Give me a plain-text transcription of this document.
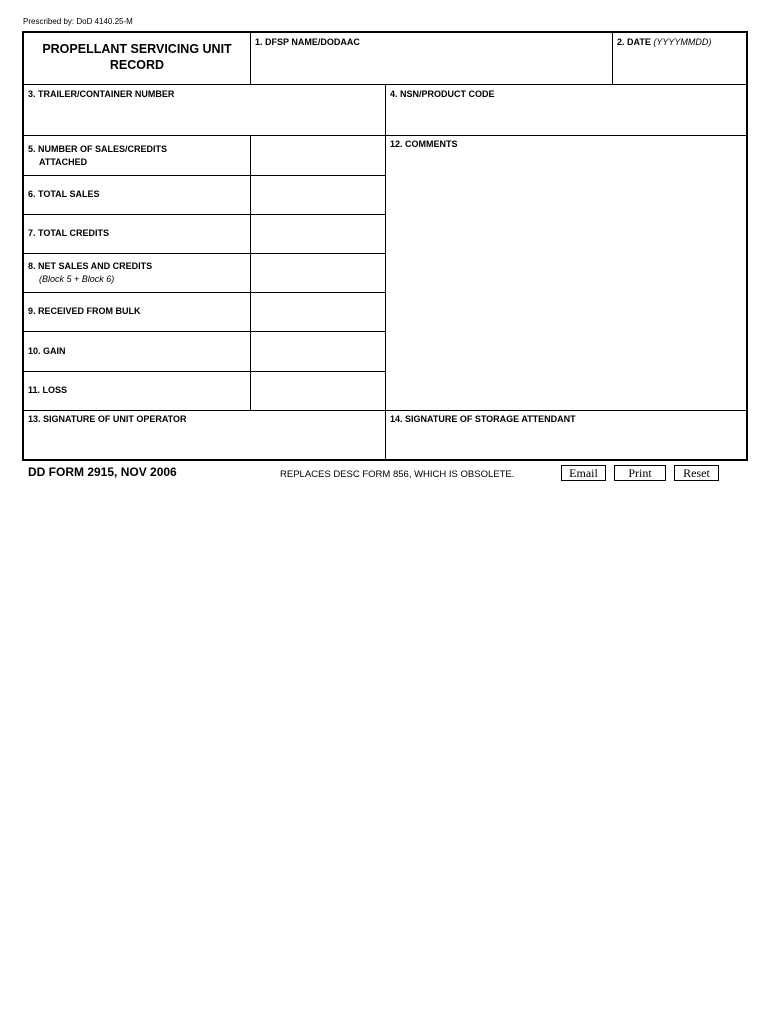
Prescribed by: DoD 4140.25-M
PROPELLANT SERVICING UNIT
RECORD
1. DFSP NAME/DODAAC	2. DATE (YYYYMMDD)
3. TRAILER/CONTAINER NUMBER	4. NSN/PRODUCT CODE
5. NUMBER OF SALES/CREDITS
ATTACHED
6. TOTAL SALES
7. TOTAL CREDITS
8. NET SALES AND CREDITS
(Block 5 + Block 6)
9. RECEIVED FROM BULK
10. GAIN
11. LOSS
12. COMMENTS
13. SIGNATURE OF UNIT OPERATOR	14. SIGNATURE OF STORAGE ATTENDANT
DD FORM 2915, NOV 2006	REPLACES DESC FORM 856, WHICH IS OBSOLETE.	Email	Print	Reset
